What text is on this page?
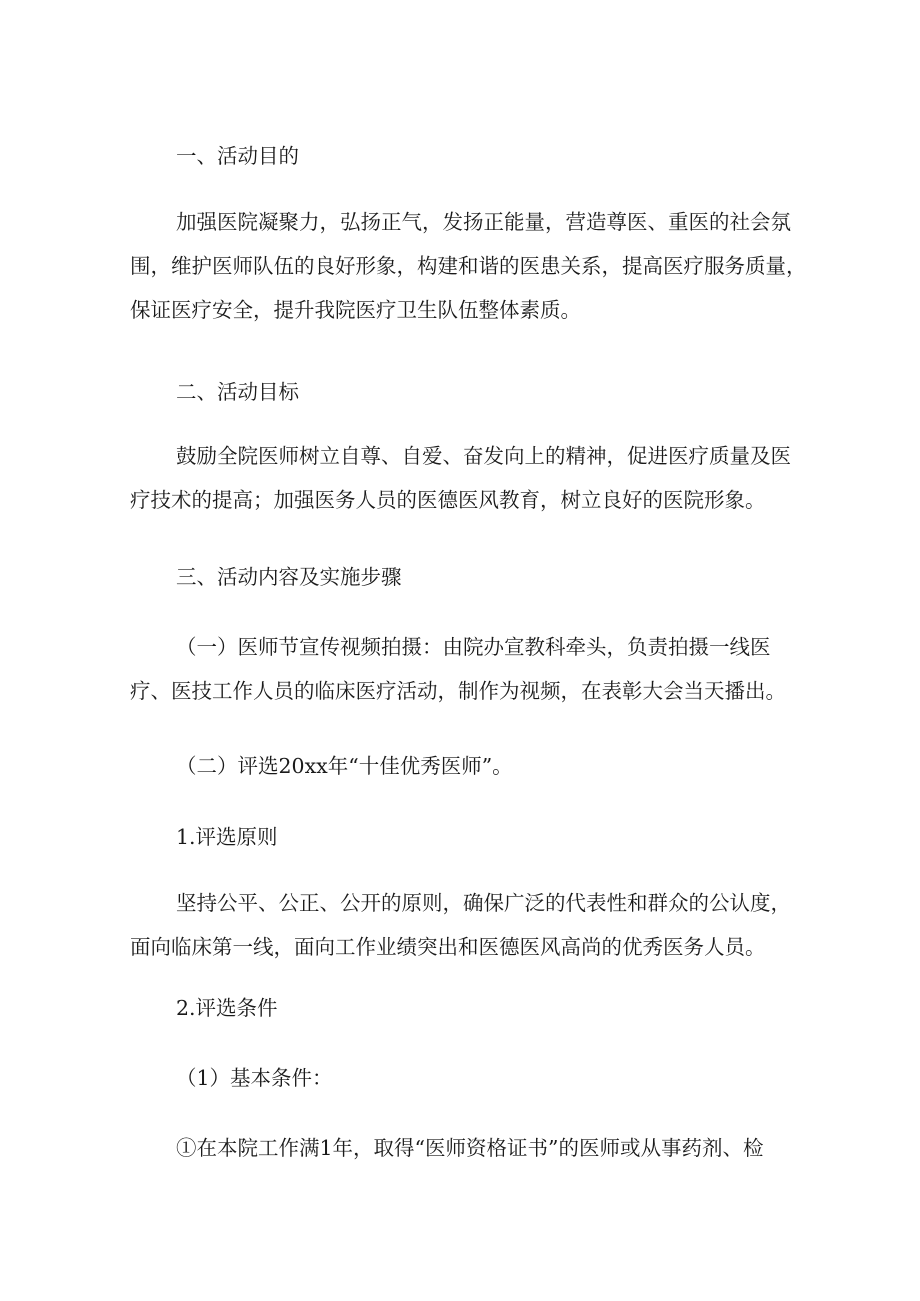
一、活动目的
加强医院凝聚力，弘扬正气，发扬正能量，营造尊医、重医的社会氛
围，维护医师队伍的良好形象，构建和谐的医患关系，提高医疗服务质量，
保证医疗安全，提升我院医疗卫生队伍整体素质。
二、活动目标
鼓励全院医师树立自尊、自爱、奋发向上的精神，促进医疗质量及医
疗技术的提高；加强医务人员的医德医风教育，树立良好的医院形象。
三、活动内容及实施步骤
（一）医师节宣传视频拍摄：由院办宣教科牵头，负责拍摄一线医
疗、医技工作人员的临床医疗活动，制作为视频，在表彰大会当天播出。
（二）评选20xx年“十佳优秀医师”。
1.评选原则
坚持公平、公正、公开的原则，确保广泛的代表性和群众的公认度，
面向临床第一线，面向工作业绩突出和医德医风高尚的优秀医务人员。
2.评选条件
（1）基本条件：
①在本院工作满1年，取得“医师资格证书”的医师或从事药剂、检
